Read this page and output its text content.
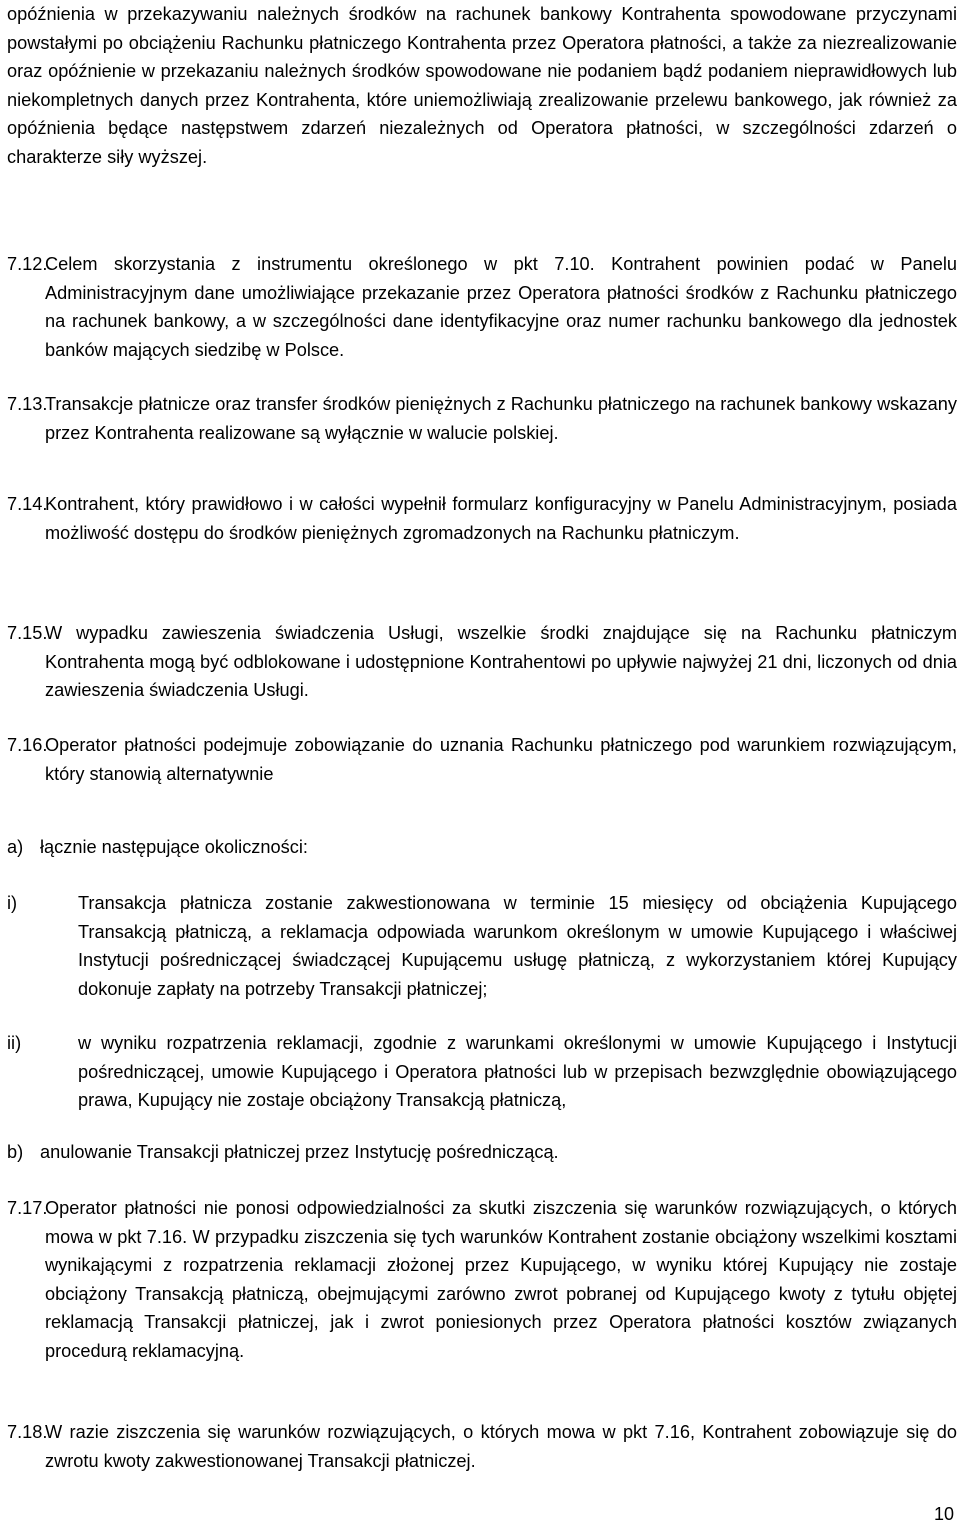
opóźnienia w przekazywaniu należnych środków na rachunek bankowy Kontrahenta spowodowane przyczynami powstałymi po obciążeniu Rachunku płatniczego Kontrahenta przez Operatora płatności, a także za niezrealizowanie oraz opóźnienie w przekazaniu należnych środków spowodowane nie podaniem bądź podaniem nieprawidłowych lub niekompletnych danych przez Kontrahenta, które uniemożliwiają zrealizowanie przelewu bankowego, jak również za opóźnienia będące następstwem zdarzeń niezależnych od Operatora płatności, w szczególności zdarzeń o charakterze siły wyższej.

7.12.
Celem skorzystania z instrumentu określonego w pkt 7.10. Kontrahent powinien podać w Panelu Administracyjnym dane umożliwiające przekazanie przez Operatora płatności środków z Rachunku płatniczego na rachunek bankowy, a w szczególności dane identyfikacyjne oraz numer rachunku bankowego dla jednostek banków mających siedzibę w Polsce.
7.13.
Transakcje płatnicze oraz transfer środków pieniężnych z Rachunku płatniczego na rachunek bankowy wskazany przez Kontrahenta realizowane są wyłącznie w walucie polskiej.
7.14.
Kontrahent, który prawidłowo i w całości wypełnił formularz konfiguracyjny w Panelu Administracyjnym, posiada możliwość dostępu do środków pieniężnych zgromadzonych na Rachunku płatniczym.
7.15.
W wypadku zawieszenia świadczenia Usługi, wszelkie środki znajdujące się na Rachunku płatniczym Kontrahenta mogą być odblokowane i udostępnione Kontrahentowi po upływie najwyżej 21 dni, liczonych od dnia zawieszenia świadczenia Usługi.
7.16.
Operator płatności podejmuje zobowiązanie do uznania Rachunku płatniczego pod warunkiem rozwiązującym, który stanowią alternatywnie
a) łącznie następujące okoliczności:
i)	Transakcja płatnicza zostanie zakwestionowana w terminie 15 miesięcy od obciążenia Kupującego Transakcją płatniczą, a reklamacja odpowiada warunkom określonym w umowie Kupującego i właściwej Instytucji pośredniczącej świadczącej Kupującemu usługę płatniczą, z wykorzystaniem której Kupujący dokonuje zapłaty na potrzeby Transakcji płatniczej;
ii)	w wyniku rozpatrzenia reklamacji, zgodnie z warunkami określonymi w umowie Kupującego i Instytucji pośredniczącej, umowie Kupującego i Operatora płatności lub w przepisach bezwzględnie obowiązującego prawa, Kupujący nie zostaje obciążony Transakcją płatniczą,
b) anulowanie Transakcji płatniczej przez Instytucję pośredniczącą.
7.17.
Operator płatności nie ponosi odpowiedzialności za skutki ziszczenia się warunków rozwiązujących, o których mowa w pkt 7.16. W przypadku ziszczenia się tych warunków Kontrahent zostanie obciążony wszelkimi kosztami wynikającymi z rozpatrzenia reklamacji złożonej przez Kupującego, w wyniku której Kupujący nie zostaje obciążony Transakcją płatniczą, obejmującymi zarówno zwrot pobranej od Kupującego kwoty z tytułu objętej reklamacją Transakcji płatniczej, jak i zwrot poniesionych przez Operatora płatności kosztów związanych procedurą reklamacyjną.
7.18.
W razie ziszczenia się warunków rozwiązujących, o których mowa w pkt 7.16, Kontrahent zobowiązuje się do zwrotu kwoty zakwestionowanej Transakcji płatniczej.
10
